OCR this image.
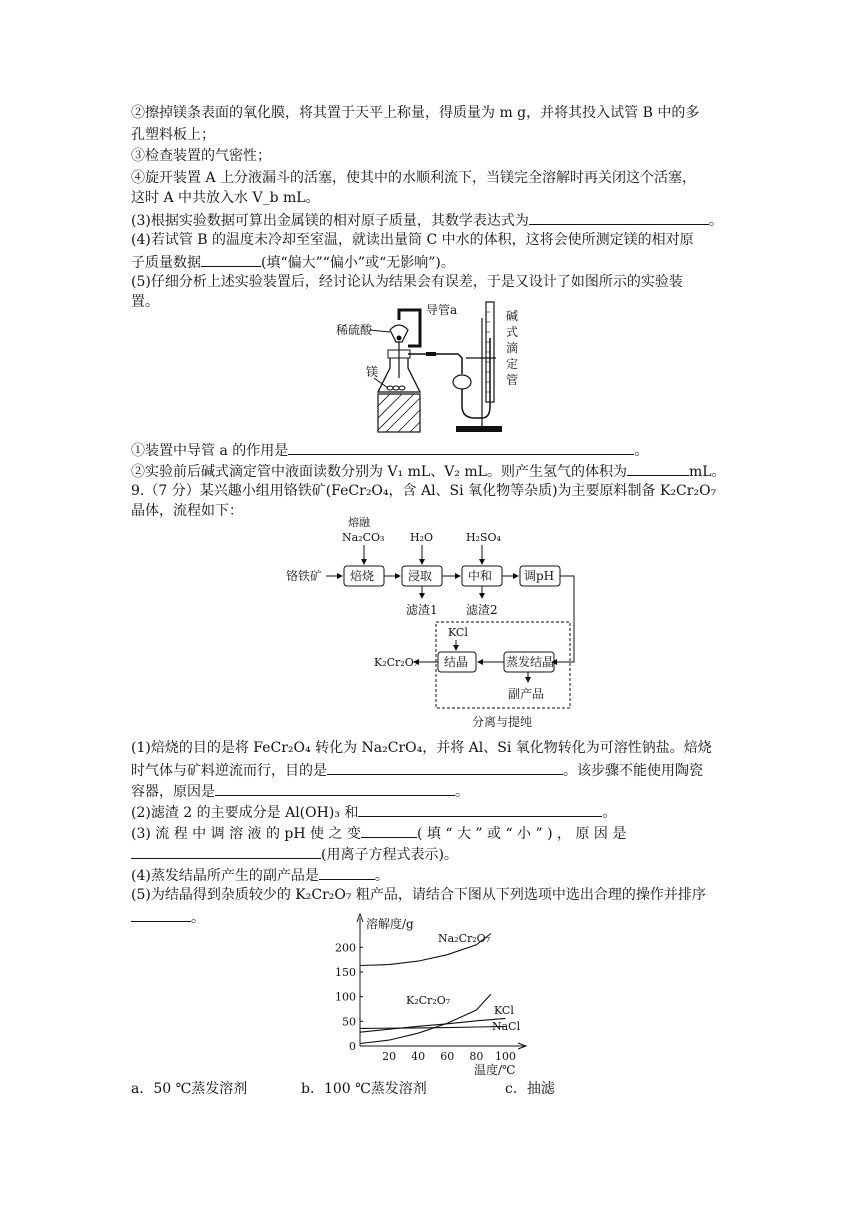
②擦掉镁条表面的氧化膜，将其置于天平上称量，得质量为 m g，并将其投入试管 B 中的多
孔塑料板上；
③检查装置的气密性；
④旋开装置 A 上分液漏斗的活塞，使其中的水顺利流下，当镁完全溶解时再关闭这个活塞，
这时 A 中共放入水 V_b mL。
(3)根据实验数据可算出金属镁的相对原子质量，其数学表达式为	。
(4)若试管 B 的温度未冷却至室温，就读出量筒 C 中水的体积，这将会使所测定镁的相对原
子质量数据	(填“偏大”“偏小”或“无影响”)。
(5)仔细分析上述实验装置后，经讨论认为结果会有误差，于是又设计了如图所示的实验装
置。
稀硫酸
导管a
镁
碱
式
滴
定
管
①装置中导管 a 的作用是	。
②实验前后碱式滴定管中液面读数分别为 V₁ mL、V₂ mL。则产生氢气的体积为	mL。
9.（7 分）某兴趣小组用铬铁矿(FeCr₂O₄，含 Al、Si 氧化物等杂质)为主要原料制备 K₂Cr₂O₇
晶体，流程如下：
铬铁矿 焙烧	浸取	中和	调pH
熔融
Na₂CO₃ H₂O	H₂SO₄
滤渣1 滤渣2
蒸发结晶
结晶
KCl
K₂Cr₂O₇
副产品
分离与提纯
(1)焙烧的目的是将 FeCr₂O₄ 转化为 Na₂CrO₄，并将 Al、Si 氧化物转化为可溶性钠盐。焙烧
时气体与矿料逆流而行，目的是	。该步骤不能使用陶瓷
容器，原因是	。
(2)滤渣 2 的主要成分是 Al(OH)₃ 和	。
(3) 流 程 中 调 溶 液 的 pH 使 之 变	( 填 “ 大 ” 或 “ 小 ” ) ， 原 因 是
(用离子方程式表示)。
(4)蒸发结晶所产生的副产品是	。
(5)为结晶得到杂质较少的 K₂Cr₂O₇ 粗产品，请结合下图从下列选项中选出合理的操作并排序
。	溶解度/g
温度/℃
0
50
100
150
200
20 40 60 80 100
Na₂Cr₂O₇
K₂Cr₂O₇
KCl
NaCl
a．50 ℃蒸发溶剂	b．100 ℃蒸发溶剂	c．抽滤
